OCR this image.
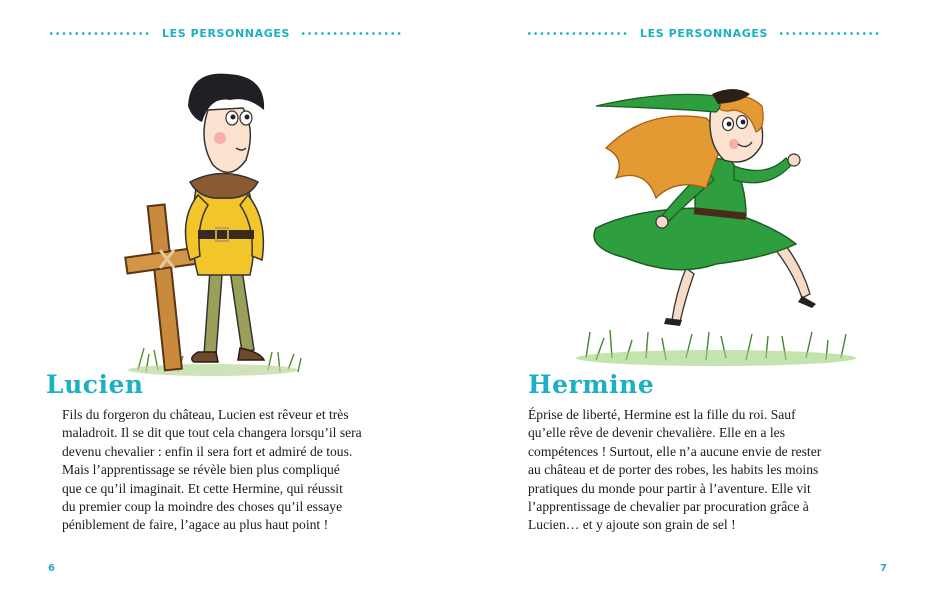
LES PERSONNAGES
Lucien

Fils du forgeron du château, Lucien est rêveur et très
maladroit. Il se dit que tout cela changera lorsqu’il sera
devenu chevalier : enfin il sera fort et admiré de tous.
Mais l’apprentissage se révèle bien plus compliqué
que ce qu’il imaginait. Et cette Hermine, qui réussit
du premier coup la moindre des choses qu’il essaye
péniblement de faire, l’agace au plus haut point !

6
LES PERSONNAGES
Hermine

Éprise de liberté, Hermine est la fille du roi. Sauf
qu’elle rêve de devenir chevalière. Elle en a les
compétences ! Surtout, elle n’a aucune envie de rester
au château et de porter des robes, les habits les moins
pratiques du monde pour partir à l’aventure. Elle vit
l’apprentissage de chevalier par procuration grâce à
Lucien… et y ajoute son grain de sel !

7
